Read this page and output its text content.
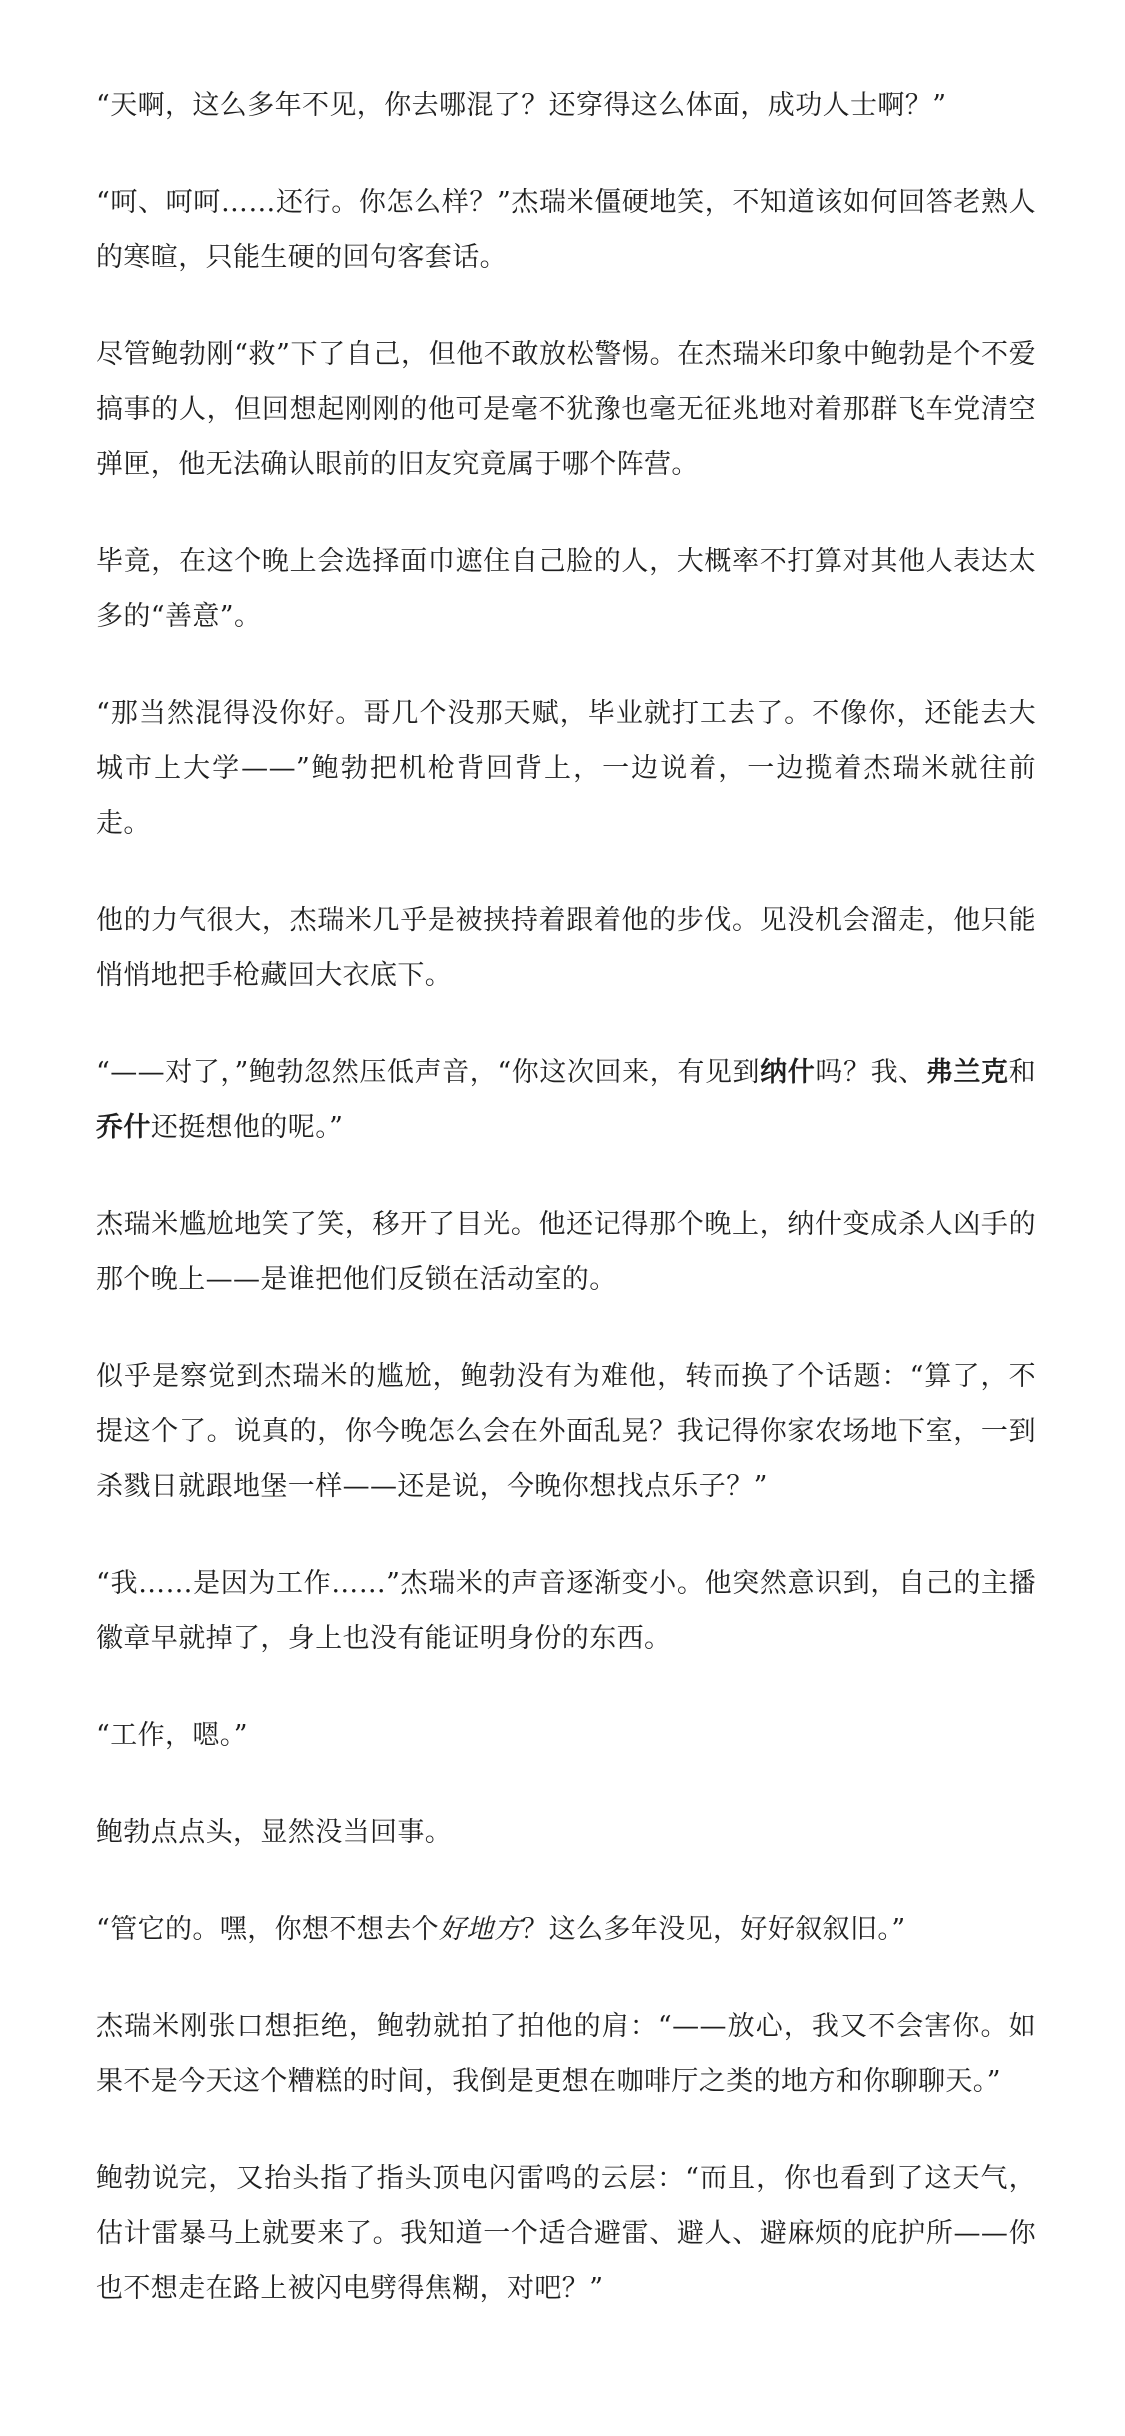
“天啊，这么多年不见，你去哪混了？还穿得这么体面，成功人士啊？”

“呵、呵呵……还行。你怎么样？”杰瑞米僵硬地笑，不知道该如何回答老熟人的寒暄，只能生硬的回句客套话。

尽管鲍勃刚“救”下了自己，但他不敢放松警惕。在杰瑞米印象中鲍勃是个不爱搞事的人，但回想起刚刚的他可是毫不犹豫也毫无征兆地对着那群飞车党清空弹匣，他无法确认眼前的旧友究竟属于哪个阵营。

毕竟，在这个晚上会选择面巾遮住自己脸的人，大概率不打算对其他人表达太多的“善意”。

“那当然混得没你好。哥几个没那天赋，毕业就打工去了。不像你，还能去大城市上大学——”鲍勃把机枪背回背上，一边说着，一边揽着杰瑞米就往前走。

他的力气很大，杰瑞米几乎是被挟持着跟着他的步伐。见没机会溜走，他只能悄悄地把手枪藏回大衣底下。

“——对了，”鲍勃忽然压低声音，“你这次回来，有见到纳什吗？我、弗兰克和乔什还挺想他的呢。”

杰瑞米尴尬地笑了笑，移开了目光。他还记得那个晚上，纳什变成杀人凶手的那个晚上——是谁把他们反锁在活动室的。

似乎是察觉到杰瑞米的尴尬，鲍勃没有为难他，转而换了个话题：“算了，不提这个了。说真的，你今晚怎么会在外面乱晃？我记得你家农场地下室，一到杀戮日就跟地堡一样——还是说，今晚你想找点乐子？”

“我……是因为工作……”杰瑞米的声音逐渐变小。他突然意识到，自己的主播徽章早就掉了，身上也没有能证明身份的东西。

“工作，嗯。”

鲍勃点点头，显然没当回事。

“管它的。嘿，你想不想去个好地方？这么多年没见，好好叙叙旧。”

杰瑞米刚张口想拒绝，鲍勃就拍了拍他的肩：“——放心，我又不会害你。如果不是今天这个糟糕的时间，我倒是更想在咖啡厅之类的地方和你聊聊天。”

鲍勃说完，又抬头指了指头顶电闪雷鸣的云层：“而且，你也看到了这天气，估计雷暴马上就要来了。我知道一个适合避雷、避人、避麻烦的庇护所——你也不想走在路上被闪电劈得焦糊，对吧？”
